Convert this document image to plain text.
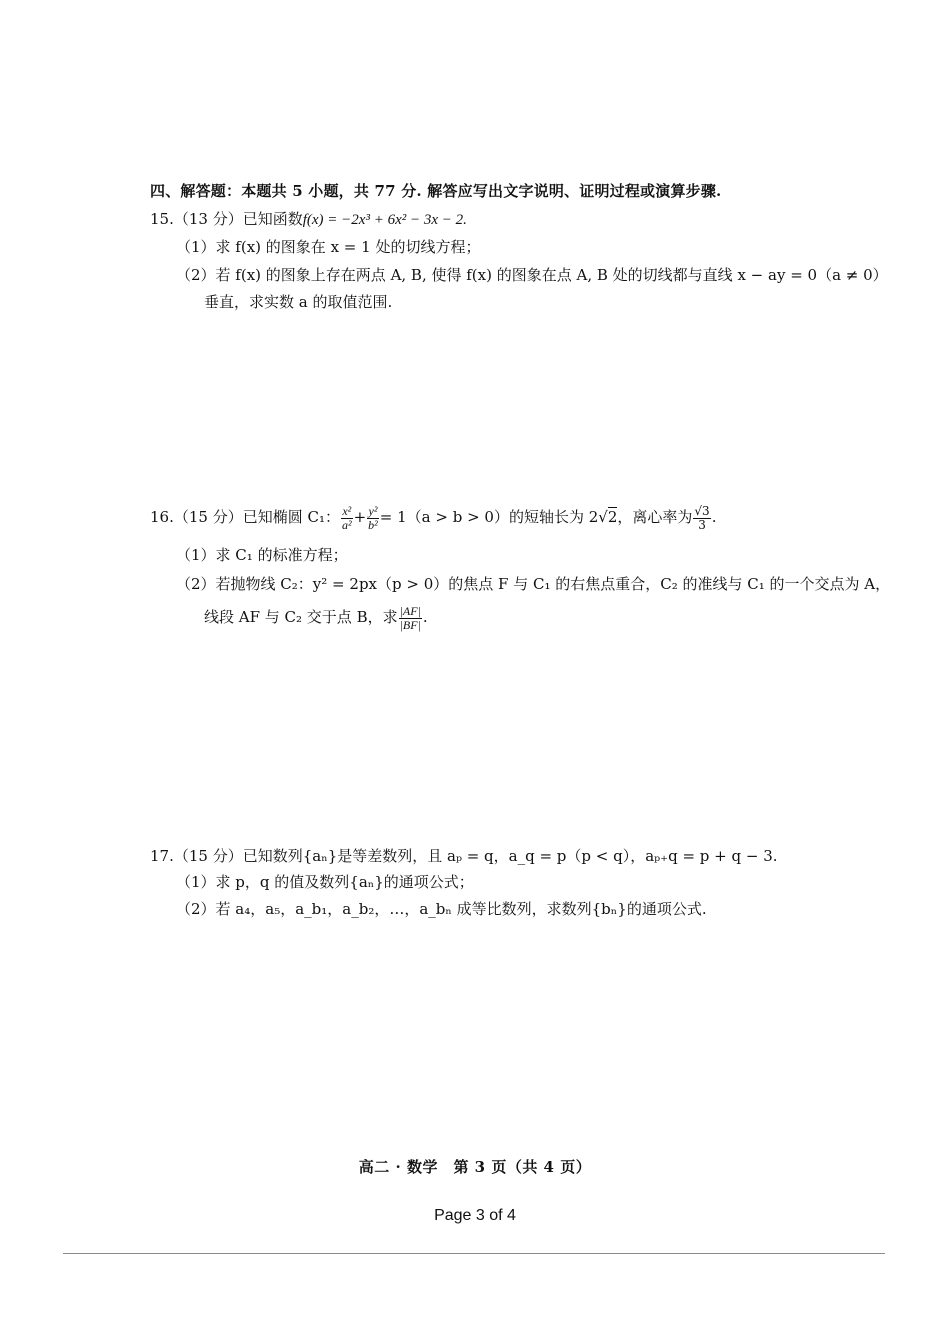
四、解答题：本题共 5 小题，共 77 分. 解答应写出文字说明、证明过程或演算步骤.
15.（13 分）已知函数f(x) = −2x³ + 6x² − 3x − 2.
（1）求 f(x) 的图象在 x = 1 处的切线方程；
（2）若 f(x) 的图象上存在两点 A, B, 使得 f(x) 的图象在点 A, B 处的切线都与直线 x − ay = 0（a ≠ 0）
垂直，求实数 a 的取值范围.
16.（15 分）已知椭圆 C₁： $\frac{\text{x²}}{\text{a²}} + \frac{\text{y²}}{\text{b²}} = 1(a > b > 0)$的短轴长为 2√2，离心率为 $\frac{√3}{3}$ .
（1）求 C₁ 的标准方程；
（2）若抛物线 C₂：y² = 2px（p > 0）的焦点 F 与 C₁ 的右焦点重合，C₂ 的准线与 C₁ 的一个交点为 A，
线段 AF 与 C₂ 交于点 B，求 $\frac{|AF|}{|BF|}$ .
17.（15 分）已知数列{aₙ}是等差数列，且 aₚ = q，a_q = p（p < q），aₚ₊q = p + q − 3.
（1）求 p，q 的值及数列{aₙ}的通项公式；
（2）若 a₄，a₅，a_b₁，a_b₂，…，a_bₙ 成等比数列，求数列{bₙ}的通项公式.
高二 · 数学　第 3 页（共 4 页）
Page 3 of 4
